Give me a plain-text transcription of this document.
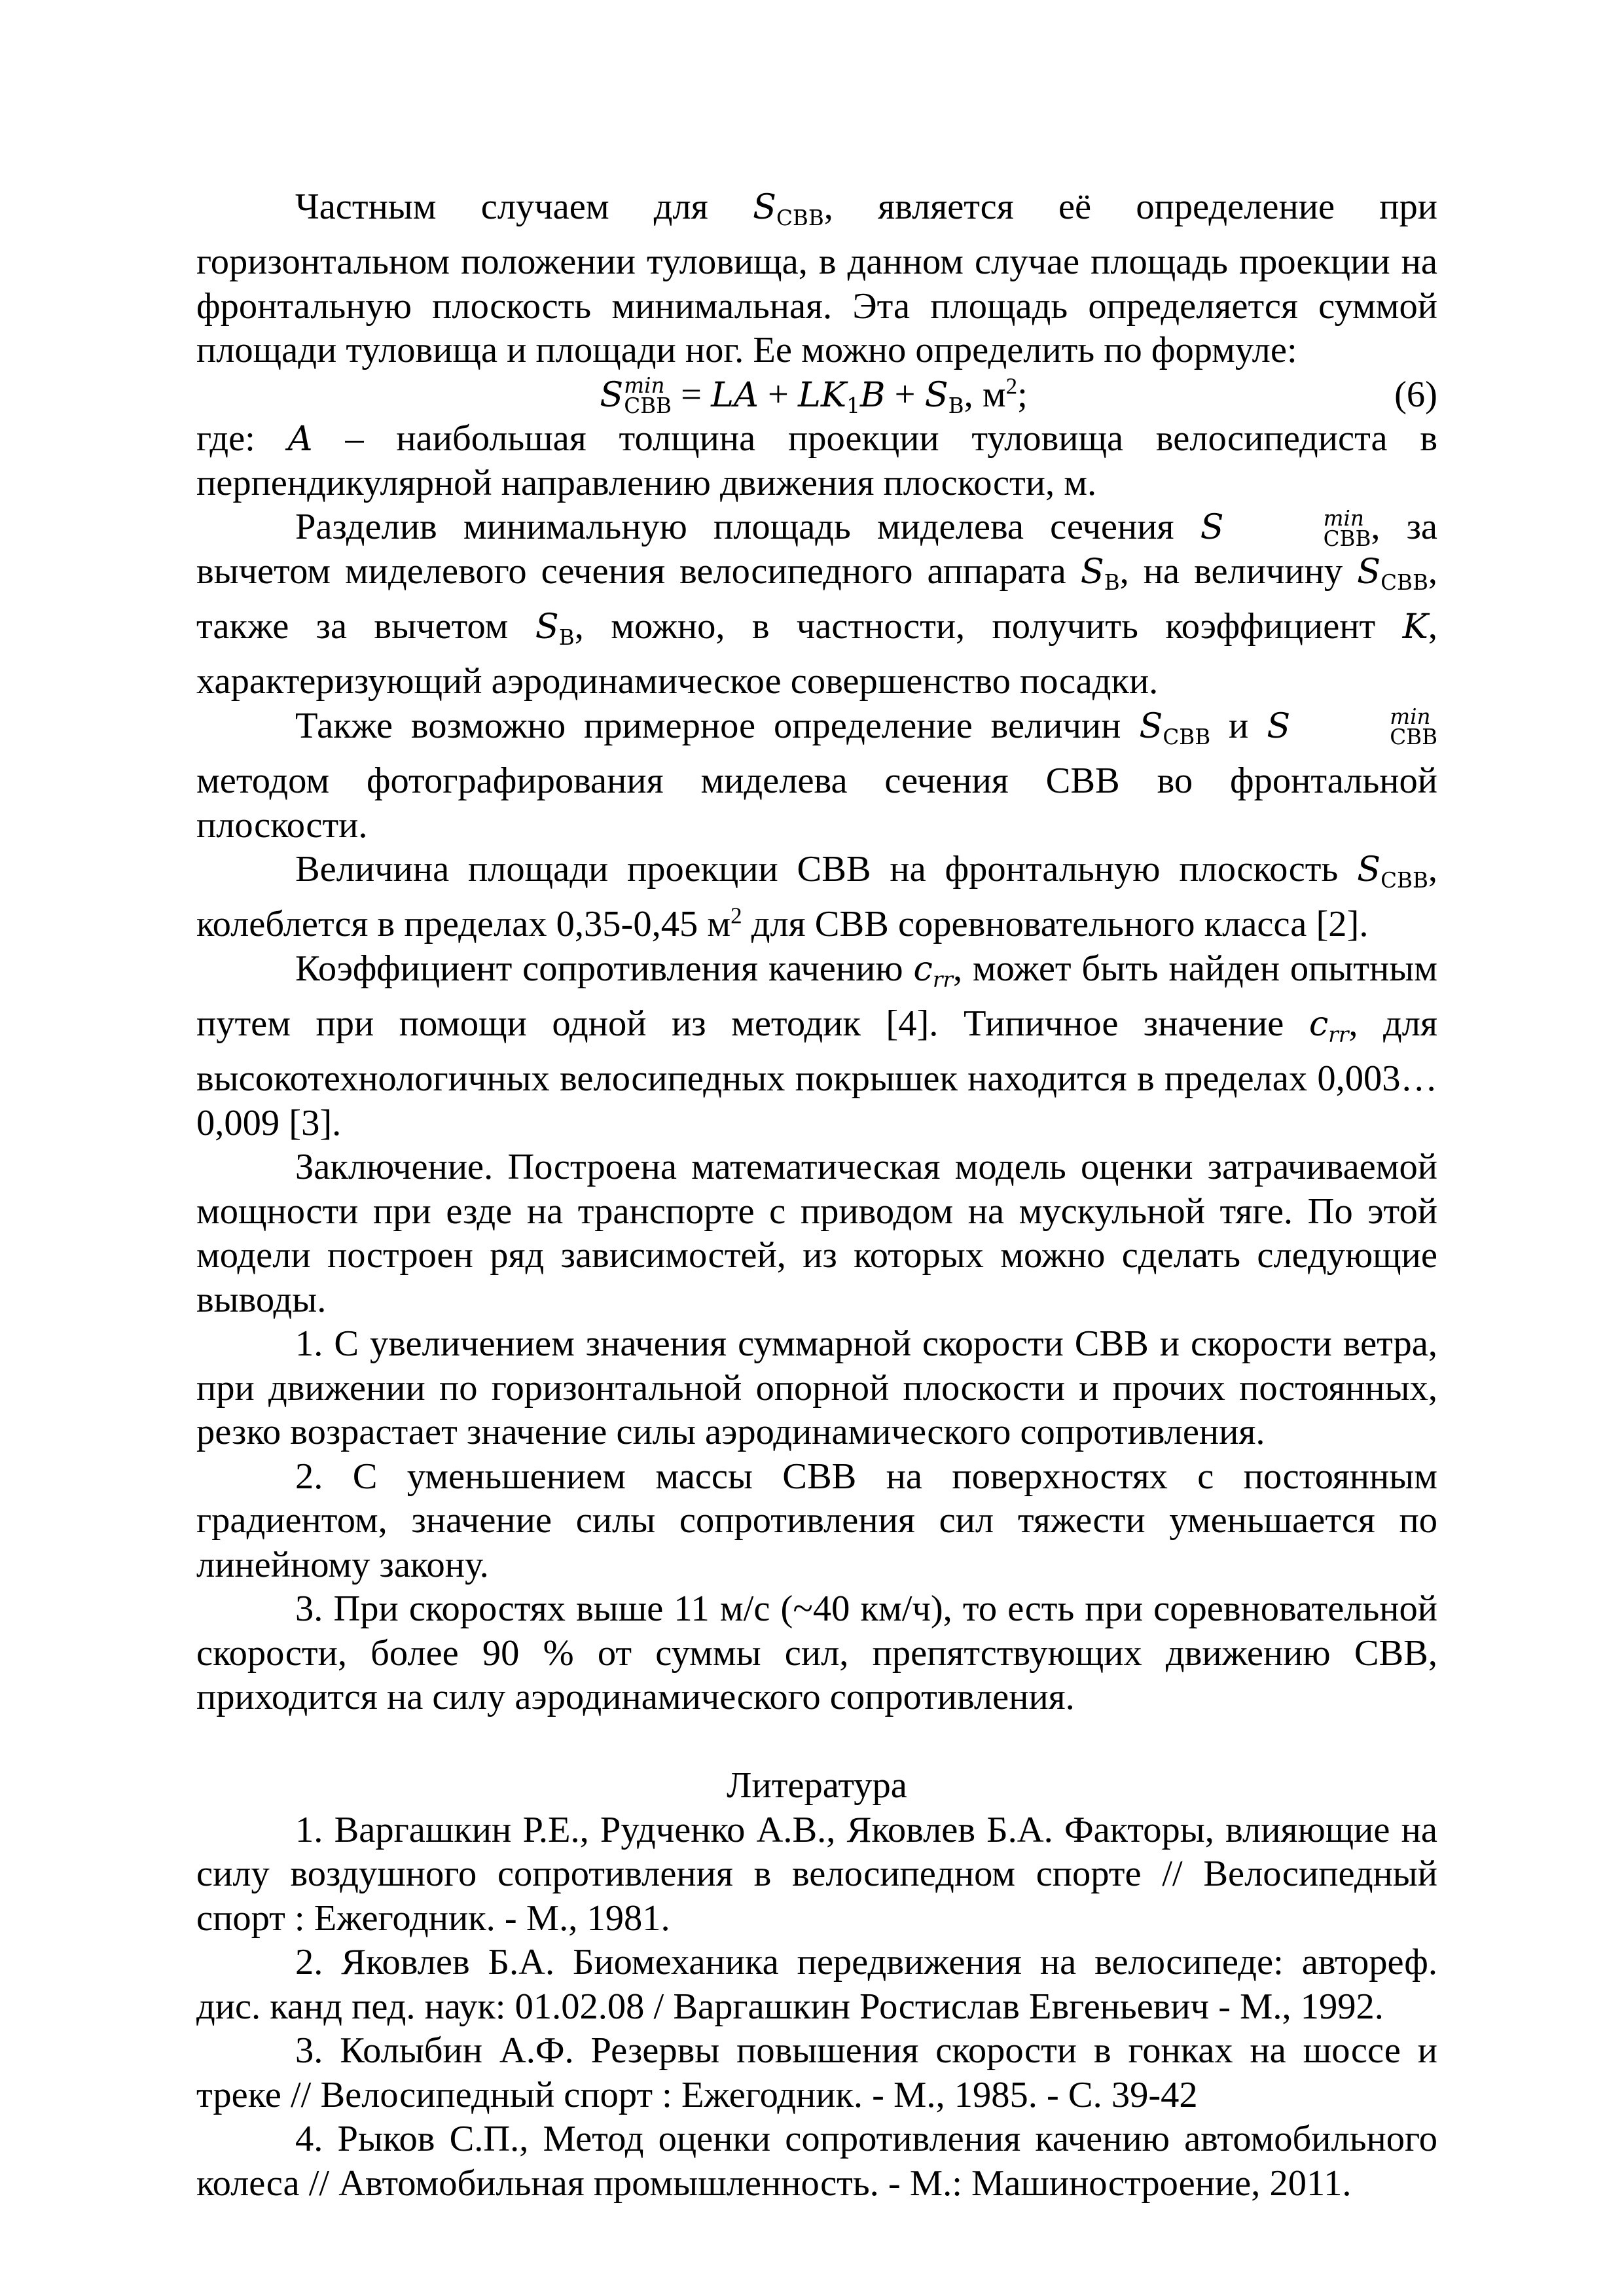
Частным случаем для $S_{СВВ}$, является её определение при горизонтальном положении туловища, в данном случае площадь проекции на фронтальную плоскость минимальная. Эта площадь определяется суммой площади туловища и площади ног. Ее можно определить по формуле:

S min
СВВ = LA + $LK_1B + S_В$, $м^2$;	(6)

где: A – наибольшая толщина проекции туловища велосипедиста в перпендикулярной направлению движения плоскости, м.

Разделив минимальную площадь миделева сечения S	min
СВВ , за вычетом миделевого сечения велосипедного аппарата $S_В$, на величину $S_{СВВ}$, также за вычетом $S_В$, можно, в частности, получить коэффициент K, характеризующий аэродинамическое совершенство посадки.

Также возможно примерное определение величин $S_{СВВ}$ и S	min
СВВ
методом фотографирования миделева сечения СВВ во фронтальной плоскости.

Величина площади проекции СВВ на фронтальную плоскость $S_{СВВ}$, колеблется в пределах 0,35-0,45 $м^2$ для СВВ соревновательного класса [2].

Коэффициент сопротивления качению crr, может быть найден опытным путем при помощи одной из методик [4]. Типичное значение crr, для высокотехнологичных велосипедных покрышек находится в пределах 0,003…0,009 [3].

Заключение. Построена математическая модель оценки затрачиваемой мощности при езде на транспорте с приводом на мускульной тяге. По этой модели построен ряд зависимостей, из которых можно сделать следующие выводы.

1. С увеличением значения суммарной скорости СВВ и скорости ветра, при движении по горизонтальной опорной плоскости и прочих постоянных, резко возрастает значение силы аэродинамического сопротивления.

2. С уменьшением массы СВВ на поверхностях с постоянным градиентом, значение силы сопротивления сил тяжести уменьшается по линейному закону.

3. При скоростях выше 11 м/с (~40 км/ч), то есть при соревновательной скорости, более 90 % от суммы сил, препятствующих движению СВВ, приходится на силу аэродинамического сопротивления.

Литература

1. Варгашкин Р.Е., Рудченко А.В., Яковлев Б.А. Факторы, влияющие на силу воздушного сопротивления в велосипедном спорте // Велосипедный спорт : Ежегодник. - М., 1981.

2. Яковлев Б.А. Биомеханика передвижения на велосипеде: автореф. дис. канд пед. наук: 01.02.08 / Варгашкин Ростислав Евгеньевич - М., 1992.

3. Колыбин А.Ф. Резервы повышения скорости в гонках на шоссе и треке // Велосипедный спорт : Ежегодник. - М., 1985. - С. 39-42

4. Рыков С.П., Метод оценки сопротивления качению автомобильного колеса // Автомобильная промышленность. - М.: Машиностроение, 2011.
